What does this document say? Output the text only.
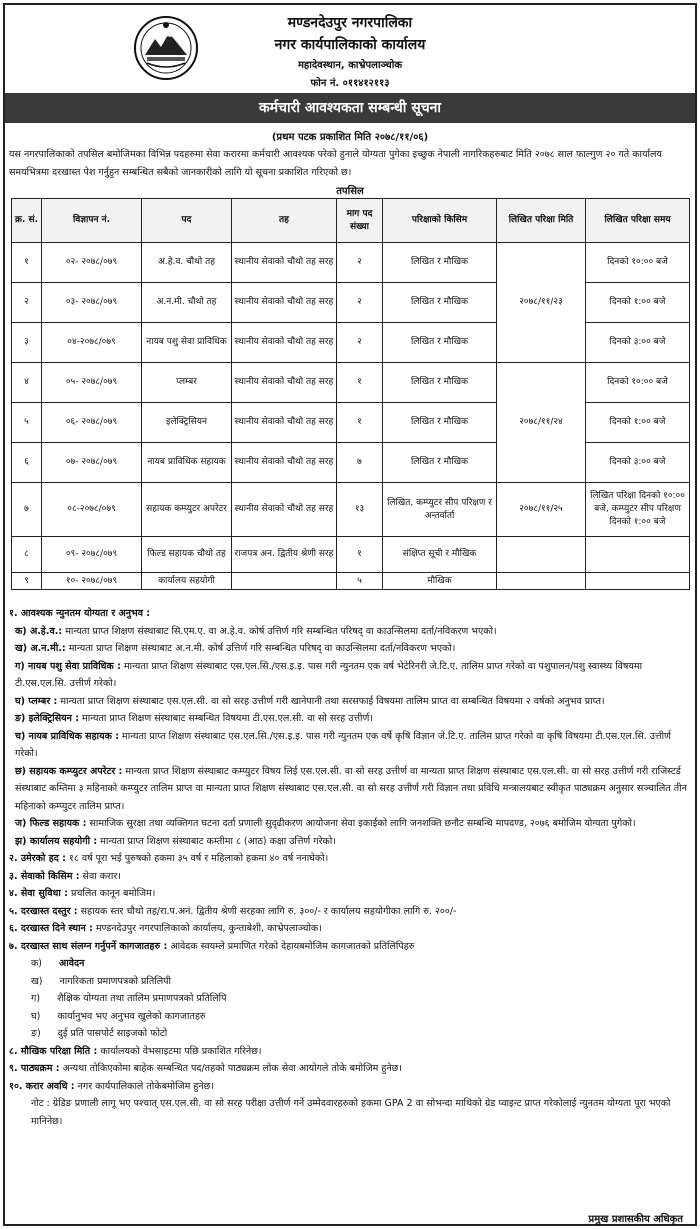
मण्डनदेउपुर नगरपालिका
नगर कार्यपालिकाको कार्यालय
महादेवस्थान, काभ्रेपलाञ्चोक
फोन नं. ०११४१२११३
कर्मचारी आवश्यकता सम्बन्धी सूचना
(प्रथम पटक प्रकाशित मिति २०७८/११/०६)
यस नगरपालिकाको तपसिल बमोजिमका विभिन्न पदहरुमा सेवा करारमा कर्मचारी आवश्यक परेको हुनाले योग्यता पुगेका इच्छुक नेपाली नागरिकहरुबाट मिति २०७८ साल फाल्गुण २० गते कार्यालय समयभित्रमा दरखास्त पेश गर्नुहुन सम्बन्धित सबैको जानकारीको लागि यो सूचना प्रकाशित गरिएको छ।
तपसिल
क्र. सं.	विज्ञापन नं.	पद	तह	माग पद संख्या	परिक्षाको किसिम	लिखित परिक्षा मिति	लिखित परिक्षा समय
१	०२- २०७८/०७९	अ.हे.व. चौथो तह	स्थानीय सेवाको चौथो तह सरह	२	लिखित र मौखिक	२०७८/११/२३	दिनको १०:०० बजे
२	०३- २०७८/०७९	अ.न.मी. चौथो तह	स्थानीय सेवाको चौथो तह सरह	२	लिखित र मौखिक		दिनको १:०० बजे
३	०४-२०७८/०७९	नायब पशु सेवा प्राविधिक	स्थानीय सेवाको चौथो तह सरह	२	लिखित र मौखिक		दिनको ३:०० बजे
४	०५- २०७८/०७९	प्लम्बर	स्थानीय सेवाको चौथो तह सरह	१	लिखित र मौखिक	२०७८/११/२४	दिनको १०:०० बजे
५	०६- २०७८/०७९	इलेक्ट्रिसियन	स्थानीय सेवाको चौथो तह सरह	१	लिखित र मौखिक		दिनको १:०० बजे
६	०७- २०७८/०७९	नायब प्राविधिक सहायक	स्थानीय सेवाको चौथो तह सरह	७	लिखित र मौखिक		दिनको ३:०० बजे
७	०८-२०७८/०७९	सहायक कम्प्युटर अपरेटर	स्थानीय सेवाको चौथो तह सरह	१३	लिखित, कम्प्युटर सीप परिक्षण र अन्तर्वार्ता	२०७८/११/२५	लिखित परिक्षा दिनको १०:०० बजे, कम्प्युटर सीप परिक्षण दिनको १:०० बजे
८	०९- २०७८/०७९	फिल्ड सहायक चौथो तह	राजपत्र अन. द्वितीय श्रेणी सरह	१	संक्षिप्त सूची र मौखिक		
९	१०- २०७८/०७९	कार्यालय सहयोगी		५	मौखिक		

१. आवश्यक न्युनतम योग्यता र अनुभव :

क) अ.हे.व.: मान्यता प्राप्त शिक्षण संस्थाबाट सि.एम.ए. वा अ.हे.व. कोर्ष उत्तिर्ण गरि सम्बन्धित परिषद् वा काउन्सिलमा दर्ता/नविकरण भएको।

ख) अ.न.मी.: मान्यता प्राप्त शिक्षण संस्थाबाट अ.न.मी. कोर्ष उत्तिर्ण गरि सम्बन्धित परिषद् वा काउन्सिलमा दर्ता/नविकरण भएको।

ग) नायब पशु सेवा प्राविधिक : मान्यता प्राप्त शिक्षण संस्थाबाट एस.एल.सि./एस.इ.इ. पास गरी न्युनतम एक वर्ष भेटेरिनरी जे.टि.ए. तालिम प्राप्त गरेको वा पशुपालन/पशु स्वास्थ्य विषयमा टी.एस.एल.सि. उत्तीर्ण गरेको।

घ) प्लम्बर : मान्यता प्राप्त शिक्षण संस्थाबाट एस.एल.सी. वा सो सरह उत्तीर्ण गरी खानेपानी तथा सरसफाई विषयमा तालिम प्राप्त वा सम्बन्धित विषयमा २ वर्षको अनुभव प्राप्त।

ङ) इलेक्ट्रिसियन : मान्यता प्राप्त शिक्षण संस्थाबाट सम्बन्धित विषयमा टी.एस.एल.सी. वा सो सरह उत्तीर्ण।

च) नायब प्राविधिक सहायक : मान्यता प्राप्त शिक्षण संस्थाबाट एस.एल.सि./एस.इ.इ. पास गरी न्युनतम एक वर्षे कृषि विज्ञान जे.टि.ए. तालिम प्राप्त गरेको वा कृषि विषयमा टी.एस.एल.सि. उत्तीर्ण गरेको।

छ) सहायक कम्प्युटर अपरेटर : मान्यता प्राप्त शिक्षण संस्थाबाट कम्प्युटर विषय लिई एस.एल.सी. वा सो सरह उत्तीर्ण वा मान्यता प्राप्त शिक्षण संस्थाबाट एस.एल.सी. वा सो सरह उत्तीर्ण गरी राजिस्टर्ड संस्थाबाट कम्तिमा ३ महिनाको कम्प्युटर तालिम प्राप्त वा मान्यता प्राप्त शिक्षण संस्थाबाट एस.एल.सी. वा सो सरह उत्तीर्ण गरी विज्ञान तथा प्रविधि मन्त्रालयबाट स्वीकृत पाठ्यक्रम अनुसार सञ्चालित तीन महिनाको कम्प्युटर तालिम प्राप्त।

ज) फिल्ड सहायक : सामाजिक सुरक्षा तथा व्यक्तिगत घटना दर्ता प्रणाली सुदृढीकरण आयोजना सेवा इकाईको लागि जनशक्ति छनौट सम्बन्धि मापदण्ड, २०७६ बमोजिम योग्यता पुगेको।

झ) कार्यालय सहयोगी : मान्यता प्राप्त शिक्षण संस्थाबाट कम्तीमा ८ (आठ) कक्षा उत्तिर्ण गरेको।

२. उमेरको हद : १८ वर्ष पूरा भई पुरुषको हकमा ३५ वर्ष र महिलाको हकमा ४० वर्ष ननाघेको।

३. सेवाको किसिम : सेवा करार।

४. सेवा सुविधा : प्रचलित कानून बमोजिम।

५. दरखास्त दस्तुर : सहायक स्तर चौथो तह/रा.प.अनं. द्वितीय श्रेणी सरहका लागि रु. ३००/- र कार्यालय सहयोगीका लागि रु. २००/-

६. दरखास्त दिने स्थान : मण्डनदेउपुर नगरपालिकाको कार्यालय, कुन्ताबेशी, काभ्रेपलाञ्चोक।

७. दरखास्त साथ संलग्न गर्नुपर्ने कागजातहरु : आवेदक स्वयम्ले प्रमाणित गरेको देहायबमोजिम कागजातको प्रतिलिपिहरु

क) आवेदन

ख) नागरिकता प्रमाणपत्रको प्रतिलिपी

ग) शैक्षिक योग्यता तथा तालिम प्रमाणपत्रको प्रतिलिपि

घ) कार्यानुभव भए अनुभव खुलेको कागजातहरु

ङ) दुई प्रति पासपोर्ट साइजको फोटो

८. मौखिक परिक्षा मिति : कार्यालयको वेभसाइटमा पछि प्रकाशित गरिनेछ।

९. पाठ्यक्रम : अन्यथा तोकिएकोमा बाहेक सम्बन्धित पद/तहको पाठ्यक्रम लोक सेवा आयोगले तोके बमोजिम हुनेछ।

१०. करार अवधि : नगर कार्यपालिकाले तोकेबमोजिम हुनेछ।

नोट : ग्रेडिङ प्रणाली लागू भए पश्चात् एस.एल.सी. वा सो सरह परीक्षा उत्तीर्ण गर्ने उम्मेदवारहरुको हकमा GPA 2 वा सोभन्दा माथिको ग्रेड प्वाइन्ट प्राप्त गरेकोलाई न्युनतम योग्यता पूरा भएको मानिनेछ।

प्रमुख प्रशासकीय अधिकृत
